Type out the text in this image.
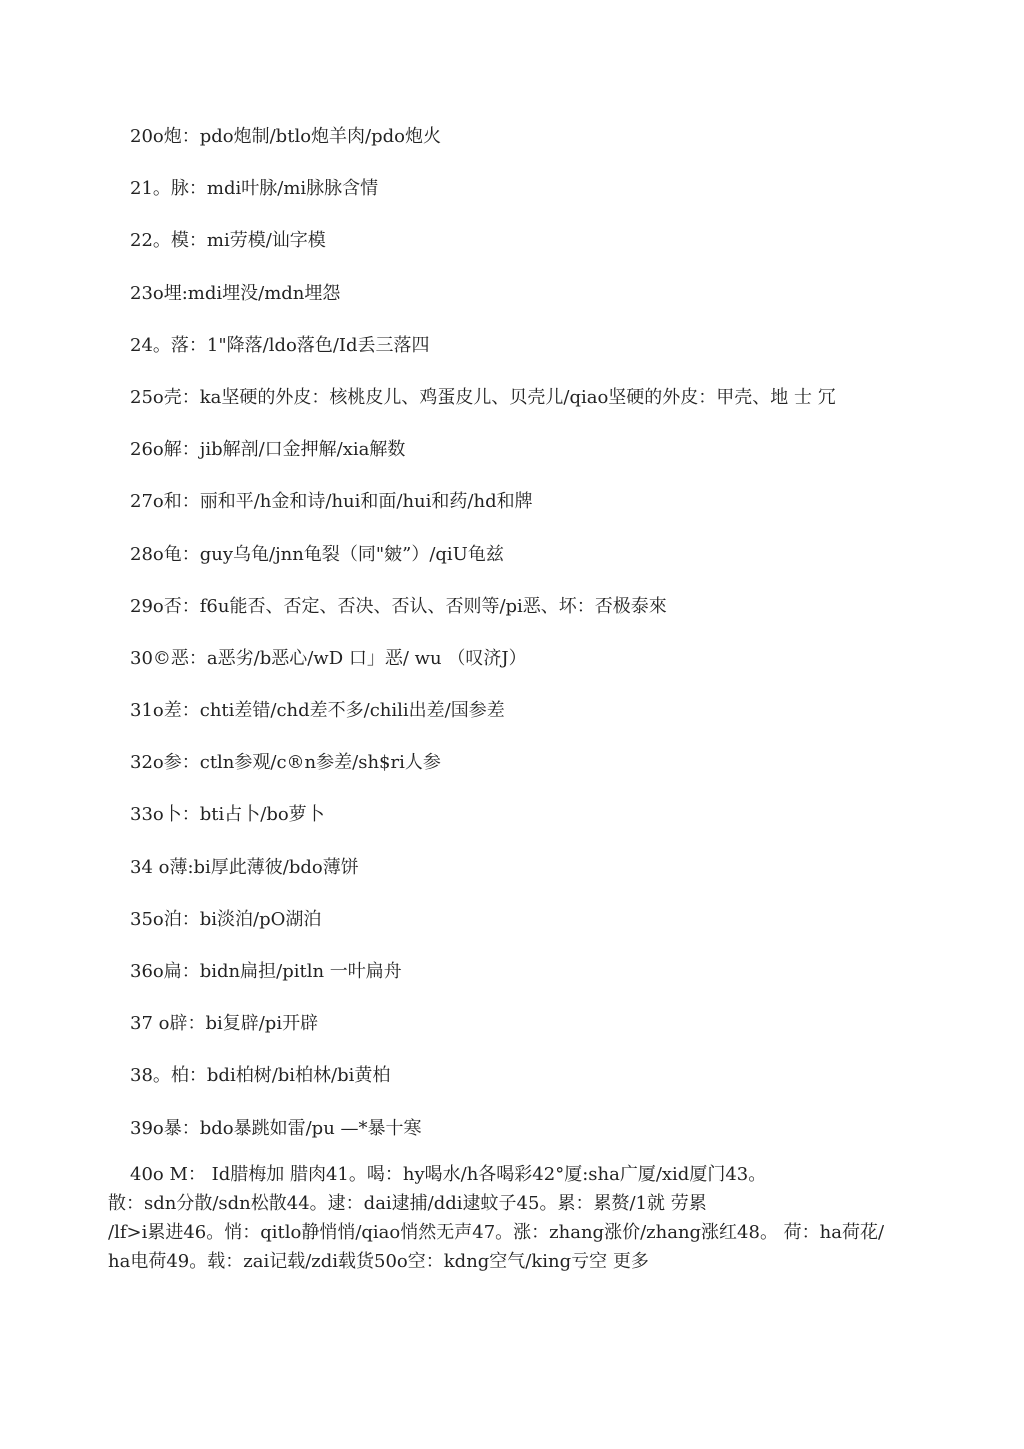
20o炮：pdo炮制/btlo炮羊肉/pdo炮火
21。脉：mdi叶脉/mi脉脉含情
22。模：mi劳模/讪字模
23o埋:mdi埋没/mdn埋怨
24。落：1"降落/ldo落色/Id丢三落四
25o壳：ka坚硬的外皮：核桃皮儿、鸡蛋皮儿、贝壳儿/qiao坚硬的外皮：甲壳、地 士 冗
26o解：jib解剖/口金押解/xia解数
27o和：丽和平/h金和诗/hui和面/hui和药/hd和牌
28o龟：guy乌龟/jnn龟裂（同"皴”）/qiU龟兹
29o否：f6u能否、否定、否决、否认、否则等/pi恶、坏：否极泰來
30©恶：a恶劣/b恶心/wD 口」恶/ wu （叹济J）
31o差：chti差错/chd差不多/chili出差/国参差
32o参：ctln参观/c®n参差/sh$ri人参
33o卜：bti占卜/bo萝卜
34 o薄:bi厚此薄彼/bdo薄饼
35o泊：bi淡泊/pO湖泊
36o扁：bidn扁担/pitln 一叶扁舟
37 o辟：bi复辟/pi开辟
38。柏：bdi柏树/bi柏林/bi黄柏
39o暴：bdo暴跳如雷/pu —*暴十寒
40o M： Id腊梅加 腊肉41。喝：hy喝水/h各喝彩42°厦:sha广厦/xid厦门43。
散：sdn分散/sdn松散44。逮：dai逮捕/ddi逮蚊子45。累：累赘/1就 劳累
/lf>i累进46。悄：qitlo静悄悄/qiao悄然无声47。涨：zhang涨价/zhang涨红48。 荷：ha荷花/
ha电荷49。载：zai记载/zdi载货50o空：kdng空气/king亏空 更多
